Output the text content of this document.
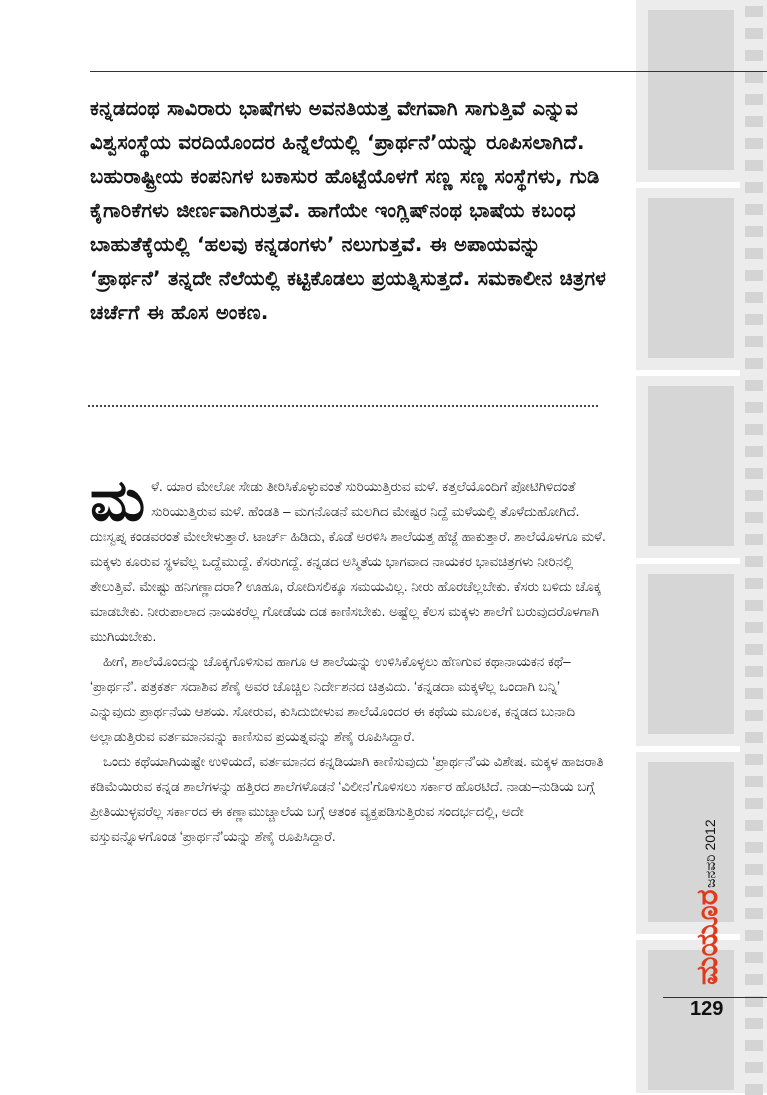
ಕನ್ನಡದಂಥ ಸಾವಿರಾರು ಭಾಷೆಗಳು ಅವನತಿಯತ್ತ ವೇಗವಾಗಿ ಸಾಗುತ್ತಿವೆ ಎನ್ನುವ ವಿಶ್ವಸಂಸ್ಥೆಯ ವರದಿಯೊಂದರ ಹಿನ್ನೆಲೆಯಲ್ಲಿ ‘ಪ್ರಾರ್ಥನೆ’ಯನ್ನು ರೂಪಿಸಲಾಗಿದೆ. ಬಹುರಾಷ್ಟ್ರೀಯ ಕಂಪನಿಗಳ ಬಕಾಸುರ ಹೊಟ್ಟೆಯೊಳಗೆ ಸಣ್ಣ ಸಣ್ಣ ಸಂಸ್ಥೆಗಳು, ಗುಡಿ ಕೈಗಾರಿಕೆಗಳು ಜೀರ್ಣವಾಗಿರುತ್ತವೆ. ಹಾಗೆಯೇ ಇಂಗ್ಲಿಷ್‌ನಂಥ ಭಾಷೆಯ ಕಬಂಧ ಬಾಹುತೆಕ್ಕೆಯಲ್ಲಿ ‘ಹಲವು ಕನ್ನಡಂಗಳು’ ನಲುಗುತ್ತವೆ. ಈ ಅಪಾಯವನ್ನು ‘ಪ್ರಾರ್ಥನೆ’ ತನ್ನದೇ ನೆಲೆಯಲ್ಲಿ ಕಟ್ಟಿಕೊಡಲು ಪ್ರಯತ್ನಿಸುತ್ತದೆ. ಸಮಕಾಲೀನ ಚಿತ್ರಗಳ ಚರ್ಚೆಗೆ ಈ ಹೊಸ ಅಂಕಣ.

ಮಳೆ. ಯಾರ ಮೇಲೋ ಸೇಡು ತೀರಿಸಿಕೊಳ್ಳುವಂತೆ ಸುರಿಯುತ್ತಿರುವ ಮಳೆ. ಕತ್ತಲೆಯೊಂದಿಗೆ ಪೋಟಿಗಿಳಿದಂತೆ ಸುರಿಯುತ್ತಿರುವ ಮಳೆ. ಹೆಂಡತಿ – ಮಗನೊಡನೆ ಮಲಗಿದ ಮೇಷ್ಟರ ನಿದ್ದೆ ಮಳೆಯಲ್ಲಿ ತೊಳೆದುಹೋಗಿದೆ. ದುಃಸ್ವಪ್ನ ಕಂಡವರಂತೆ ಮೇಲೇಳುತ್ತಾರೆ. ಟಾರ್ಚ್ ಹಿಡಿದು, ಕೊಡೆ ಅರಳಿಸಿ ಶಾಲೆಯತ್ತ ಹೆಜ್ಜೆ ಹಾಕುತ್ತಾರೆ. ಶಾಲೆಯೊಳಗೂ ಮಳೆ. ಮಕ್ಕಳು ಕೂರುವ ಸ್ಥಳವೆಲ್ಲ ಒದ್ದೆಮುದ್ದೆ. ಕೆಸರುಗದ್ದೆ. ಕನ್ನಡದ ಅಸ್ಮಿತೆಯ ಭಾಗವಾದ ನಾಯಕರ ಭಾವಚಿತ್ರಗಳು ನೀರಿನಲ್ಲಿ ತೇಲುತ್ತಿವೆ. ಮೇಷ್ಟು ಹನಿಗಣ್ಣಾದರಾ? ಊಹೂ, ರೋದಿಸಲಿಕ್ಕೂ ಸಮಯವಿಲ್ಲ. ನೀರು ಹೊರಚೆಲ್ಲಬೇಕು. ಕೆಸರು ಬಳಿದು ಚೊಕ್ಕ ಮಾಡಬೇಕು. ನೀರುಪಾಲಾದ ನಾಯಕರೆಲ್ಲ ಗೋಡೆಯ ದಡ ಕಾಣಿಸಬೇಕು. ಅಷ್ಟೆಲ್ಲ ಕೆಲಸ ಮಕ್ಕಳು ಶಾಲೆಗೆ ಬರುವುದರೊಳಗಾಗಿ ಮುಗಿಯಬೇಕು.

ಹೀಗೆ, ಶಾಲೆಯೊಂದನ್ನು ಚೊಕ್ಕಗೊಳಿಸುವ ಹಾಗೂ ಆ ಶಾಲೆಯನ್ನು ಉಳಿಸಿಕೊಳ್ಳಲು ಹೆಣಗುವ ಕಥಾನಾಯಕನ ಕಥೆ– ‘ಪ್ರಾರ್ಥನೆ’. ಪತ್ರಕರ್ತ ಸದಾಶಿವ ಶೆಣೈ ಅವರ ಚೊಚ್ಚಿಲ ನಿರ್ದೇಶನದ ಚಿತ್ರವಿದು. ‘ಕನ್ನಡದಾ ಮಕ್ಕಳೆಲ್ಲ ಒಂದಾಗಿ ಬನ್ನಿ’ ಎನ್ನುವುದು ಪ್ರಾರ್ಥನೆಯ ಆಶಯ. ಸೋರುವ, ಕುಸಿದುಬೀಳುವ ಶಾಲೆಯೊಂದರ ಈ ಕಥೆಯ ಮೂಲಕ, ಕನ್ನಡದ ಬುನಾದಿ ಅಲ್ಲಾಡುತ್ತಿರುವ ವರ್ತಮಾನವನ್ನು ಕಾಣಿಸುವ ಪ್ರಯತ್ನವನ್ನು ಶೆಣೈ ರೂಪಿಸಿದ್ದಾರೆ.

ಒಂದು ಕಥೆಯಾಗಿಯಷ್ಟೇ ಉಳಿಯದೆ, ವರ್ತಮಾನದ ಕನ್ನಡಿಯಾಗಿ ಕಾಣಿಸುವುದು ‘ಪ್ರಾರ್ಥನೆ’ಯ ವಿಶೇಷ. ಮಕ್ಕಳ ಹಾಜರಾತಿ ಕಡಿಮೆಯಿರುವ ಕನ್ನಡ ಶಾಲೆಗಳನ್ನು ಹತ್ತಿರದ ಶಾಲೆಗಳೊಡನೆ ‘ವಿಲೀನ’ಗೊಳಿಸಲು ಸರ್ಕಾರ ಹೊರಟಿದೆ. ನಾಡು–ನುಡಿಯ ಬಗ್ಗೆ ಪ್ರೀತಿಯುಳ್ಳವರೆಲ್ಲ ಸರ್ಕಾರದ ಈ ಕಣ್ಣಾಮುಚ್ಚಾಲೆಯ ಬಗ್ಗೆ ಆತಂಕ ವ್ಯಕ್ತಪಡಿಸುತ್ತಿರುವ ಸಂದರ್ಭದಲ್ಲಿ, ಅದೇ ವಸ್ತುವನ್ನೊಳಗೊಂಡ ‘ಪ್ರಾರ್ಥನೆ’ಯನ್ನು ಶೆಣೈ ರೂಪಿಸಿದ್ದಾರೆ.

ಮಯೂರ
ಜನವರಿ 2012
129
